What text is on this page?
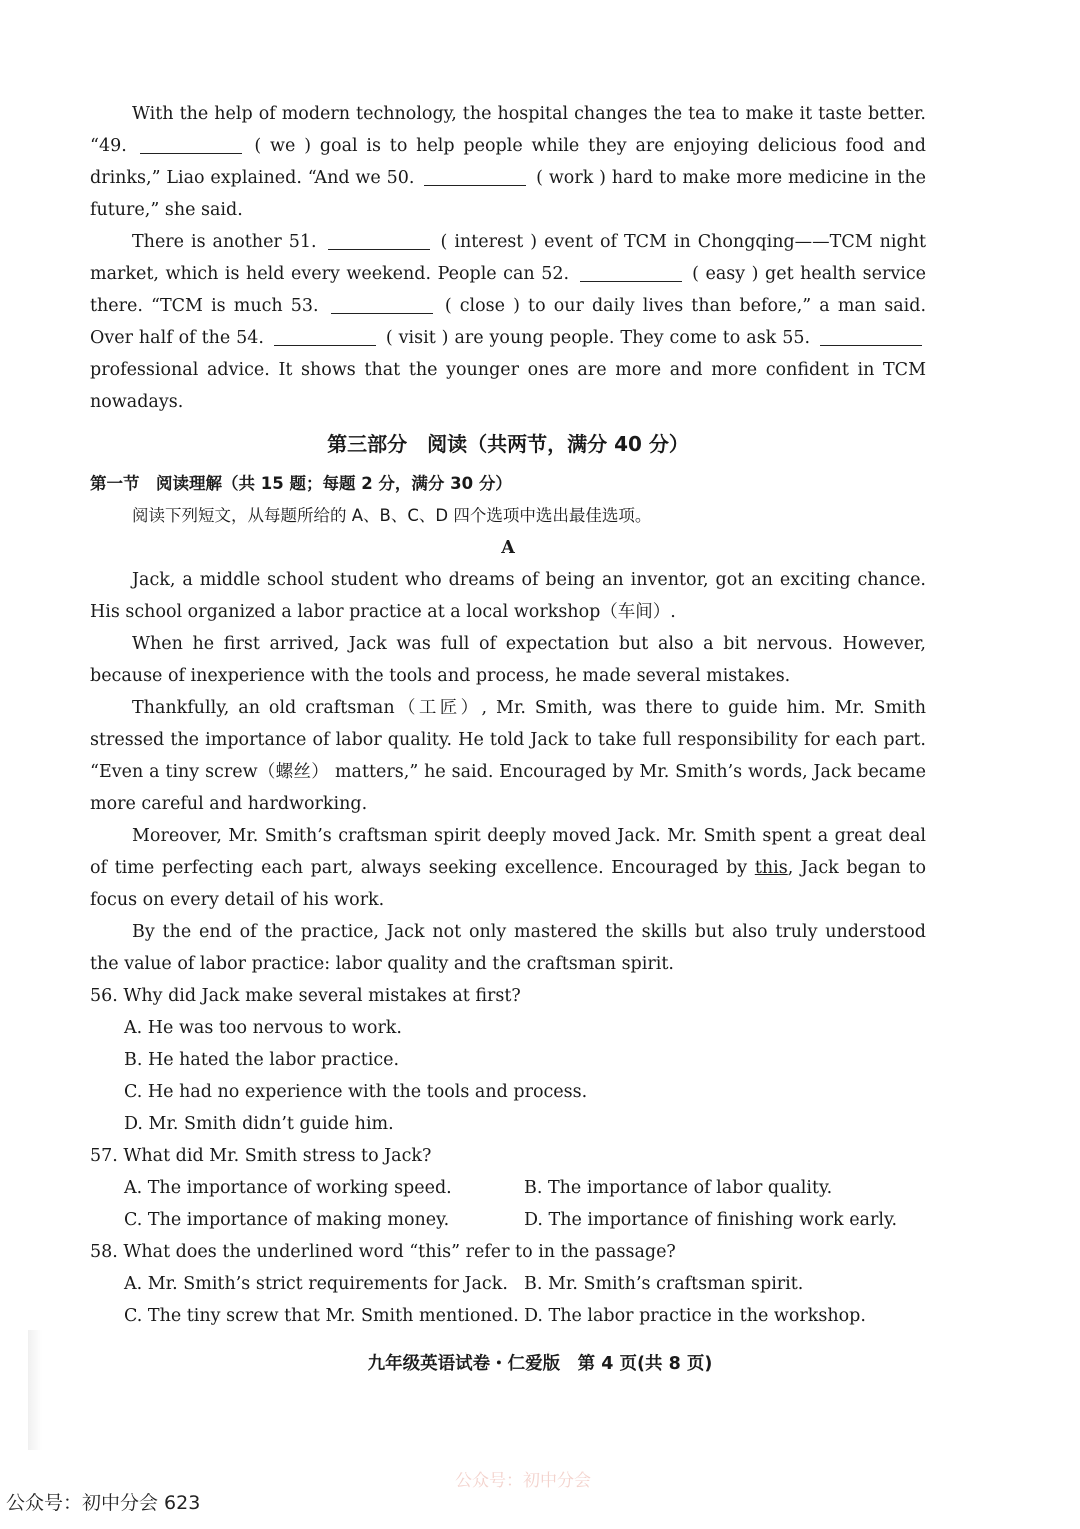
With the help of modern technology, the hospital changes the tea to make it taste better. “49.	( we ) goal is to help people while they are enjoying delicious food and drinks,” Liao explained. “And we 50.	( work ) hard to make more medicine in the future,” she said.

There is another 51.	( interest ) event of TCM in Chongqing——TCM night market, which is held every weekend. People can 52.	( easy ) get health service there. “TCM is much 53.	( close ) to our daily lives than before,” a man said. Over half of the 54.	( visit ) are young people. They come to ask 55.  professional advice. It shows that the younger ones are more and more confident in TCM nowadays.

第三部分　阅读（共两节，满分 40 分）
第一节　阅读理解（共 15 题；每题 2 分，满分 30 分）
阅读下列短文，从每题所给的 A、B、C、D 四个选项中选出最佳选项。
A

Jack, a middle school student who dreams of being an inventor, got an exciting chance. His school organized a labor practice at a local workshop（车间）.

When he first arrived, Jack was full of expectation but also a bit nervous. However, because of inexperience with the tools and process, he made several mistakes.

Thankfully, an old craftsman（工匠）, Mr. Smith, was there to guide him. Mr. Smith stressed the importance of labor quality. He told Jack to take full responsibility for each part. “Even a tiny screw（螺丝） matters,” he said. Encouraged by Mr. Smith’s words, Jack became more careful and hardworking.

Moreover, Mr. Smith’s craftsman spirit deeply moved Jack. Mr. Smith spent a great deal of time perfecting each part, always seeking excellence. Encouraged by this, Jack began to focus on every detail of his work.

By the end of the practice, Jack not only mastered the skills but also truly understood the value of labor practice: labor quality and the craftsman spirit.

56. Why did Jack make several mistakes at first?
A. He was too nervous to work.
B. He hated the labor practice.
C. He had no experience with the tools and process.
D. Mr. Smith didn’t guide him.
57. What did Mr. Smith stress to Jack?
A. The importance of working speed.	B. The importance of labor quality.
C. The importance of making money.	D. The importance of finishing work early.
58. What does the underlined word “this” refer to in the passage?
A. Mr. Smith’s strict requirements for Jack. B. Mr. Smith’s craftsman spirit.
C. The tiny screw that Mr. Smith mentioned. D. The labor practice in the workshop.
九年级英语试卷・仁爱版　第 4 页(共 8 页)
公众号：初中分会
公众号：初中分会 623
